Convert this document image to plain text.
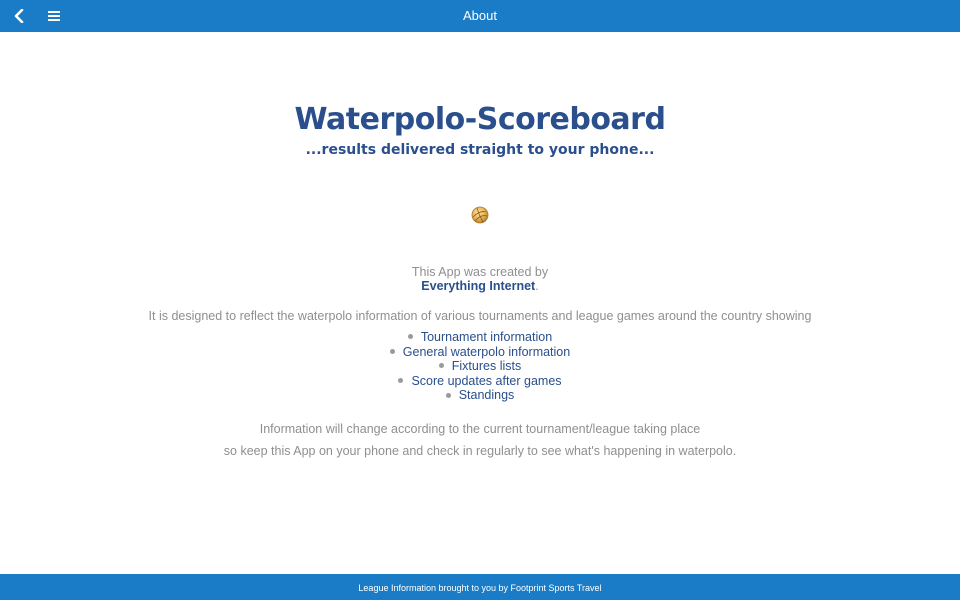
About
Waterpolo-Scoreboard
...results delivered straight to your phone...
This App was created by
Everything Internet.
It is designed to reflect the waterpolo information of various tournaments and league games around the country showing
Tournament information
General waterpolo information
Fixtures lists
Score updates after games
Standings
Information will change according to the current tournament/league taking place
so keep this App on your phone and check in regularly to see what's happening in waterpolo.
League Information brought to you by Footprint Sports Travel
